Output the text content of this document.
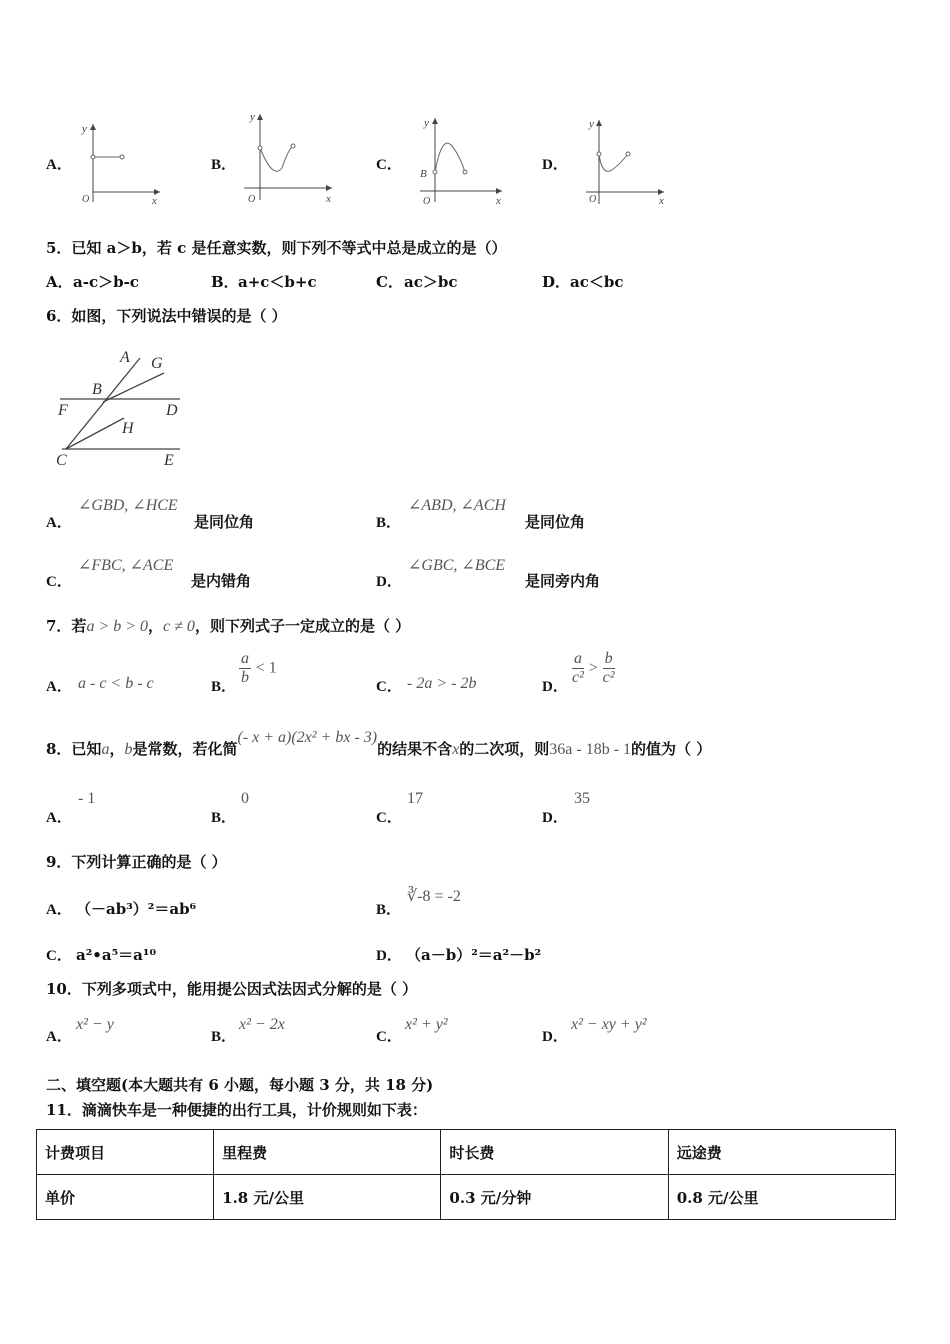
A．
y
x
O
B．
y
x
O
C．
y
x
O
B
D．
y
x
O
5．已知 a＞b，若 c 是任意实数，则下列不等式中总是成立的是（）
A． a-c＞b-c	B． a+c＜b+c	C． ac＞bc	D． ac＜bc
6．如图，下列说法中错误的是（ ）
A G
B
F	D
H
C	E
A．
∠GBD, ∠HCE
是同位角	B．
∠ABD, ∠ACH
是同位角
C．
∠FBC, ∠ACE
是内错角	D．
∠GBC, ∠BCE
是同旁内角
7．若a > b > 0，c ≠ 0，则下列式子一定成立的是（ ）
A． a - c < b - c	B． $\frac{a}{b} < 1$
C． - 2a > - 2b	D． $\frac{a}{\text{c²}} > \frac{b}{\text{c²}}$
8．已知a，b是常数，若化简(- x + a)(2x² + bx - 3)的结果不含x的二次项，则36a - 18b - 1的值为（ ）
A．
- 1
B．
0
C．
17
D．
35
9．下列计算正确的是（ ）
A． （－ab³）²＝ab⁶	B．
∛-8 = -2
C． a²•a⁵＝a¹⁰	D． （a－b）²＝a²－b²
10．下列多项式中，能用提公因式法因式分解的是（ ）
A．
x² − y
B．
x² − 2x
C．
x² + y²
D．
x² − xy + y²
二、填空题(本大题共有 6 小题，每小题 3 分，共 18 分)
11．滴滴快车是一种便捷的出行工具，计价规则如下表：
计费项目	里程费	时长费	远途费
单价	1.8 元/公里	0.3 元/分钟	0.8 元/公里
